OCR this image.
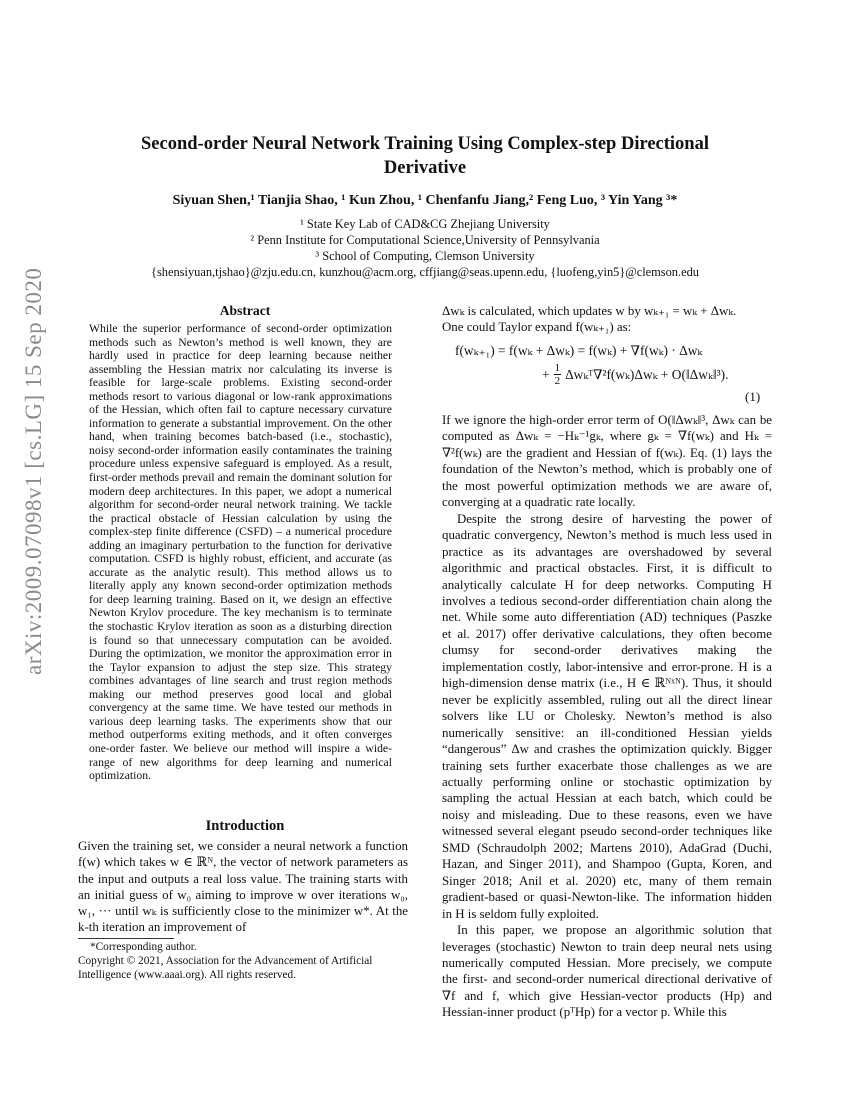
Second-order Neural Network Training Using Complex-step Directional Derivative
Siyuan Shen,¹ Tianjia Shao, ¹ Kun Zhou, ¹ Chenfanfu Jiang,² Feng Luo, ³ Yin Yang ³*
¹ State Key Lab of CAD&CG Zhejiang University
² Penn Institute for Computational Science,University of Pennsylvania
³ School of Computing, Clemson University
{shensiyuan,tjshao}@zju.edu.cn, kunzhou@acm.org, cffjiang@seas.upenn.edu, {luofeng,yin5}@clemson.edu
arXiv:2009.07098v1 [cs.LG] 15 Sep 2020	Abstract

While the superior performance of second-order optimization methods such as Newton’s method is well known, they are hardly used in practice for deep learning because neither assembling the Hessian matrix nor calculating its inverse is feasible for large-scale problems. Existing second-order methods resort to various diagonal or low-rank approximations of the Hessian, which often fail to capture necessary curvature information to generate a substantial improvement. On the other hand, when training becomes batch-based (i.e., stochastic), noisy second-order information easily contaminates the training procedure unless expensive safeguard is employed. As a result, first-order methods prevail and remain the dominant solution for modern deep architectures. In this paper, we adopt a numerical algorithm for second-order neural network training. We tackle the practical obstacle of Hessian calculation by using the complex-step finite difference (CSFD) – a numerical procedure adding an imaginary perturbation to the function for derivative computation. CSFD is highly robust, efficient, and accurate (as accurate as the analytic result). This method allows us to literally apply any known second-order optimization methods for deep learning training. Based on it, we design an effective Newton Krylov procedure. The key mechanism is to terminate the stochastic Krylov iteration as soon as a disturbing direction is found so that unnecessary computation can be avoided. During the optimization, we monitor the approximation error in the Taylor expansion to adjust the step size. This strategy combines advantages of line search and trust region methods making our method preserves good local and global convergency at the same time. We have tested our methods in various deep learning tasks. The experiments show that our method outperforms exiting methods, and it often converges one-order faster. We believe our method will inspire a wide-range of new algorithms for deep learning and numerical optimization.

Introduction

Given the training set, we consider a neural network a function f(w) which takes w ∈ ℝᴺ, the vector of network parameters as the input and outputs a real loss value. The training starts with an initial guess of w₀ aiming to improve w over iterations w₀, w₁, ··· until wₖ is sufficiently close to the minimizer w*. At the k-th iteration an improvement of

*Corresponding author.
Copyright © 2021, Association for the Advancement of Artificial Intelligence (www.aaai.org). All rights reserved.

Δwₖ is calculated, which updates w by wₖ₊₁ = wₖ + Δwₖ.

One could Taylor expand f(wₖ₊₁) as:

f(wₖ₊₁) = f(wₖ + Δwₖ) = f(wₖ) + ∇f(wₖ) · Δwₖ
+ $\frac{1}{2}$ Δwₖᵀ∇²f(wₖ)Δwₖ + O(‖Δwₖ‖³).
(1)

If we ignore the high-order error term of O(‖Δwₖ‖³, Δwₖ can be computed as Δwₖ = −Hₖ⁻¹gₖ, where gₖ = ∇f(wₖ) and Hₖ = ∇²f(wₖ) are the gradient and Hessian of f(wₖ). Eq. (1) lays the foundation of the Newton’s method, which is probably one of the most powerful optimization methods we are aware of, converging at a quadratic rate locally.

Despite the strong desire of harvesting the power of quadratic convergency, Newton’s method is much less used in practice as its advantages are overshadowed by several algorithmic and practical obstacles. First, it is difficult to analytically calculate H for deep networks. Computing H involves a tedious second-order differentiation chain along the net. While some auto differentiation (AD) techniques (Paszke et al. 2017) offer derivative calculations, they often become clumsy for second-order derivatives making the implementation costly, labor-intensive and error-prone. H is a high-dimension dense matrix (i.e., H ∈ ℝᴺˣᴺ). Thus, it should never be explicitly assembled, ruling out all the direct linear solvers like LU or Cholesky. Newton’s method is also numerically sensitive: an ill-conditioned Hessian yields “dangerous” Δw and crashes the optimization quickly. Bigger training sets further exacerbate those challenges as we are actually performing online or stochastic optimization by sampling the actual Hessian at each batch, which could be noisy and misleading. Due to these reasons, even we have witnessed several elegant pseudo second-order techniques like SMD (Schraudolph 2002; Martens 2010), AdaGrad (Duchi, Hazan, and Singer 2011), and Shampoo (Gupta, Koren, and Singer 2018; Anil et al. 2020) etc, many of them remain gradient-based or quasi-Newton-like. The information hidden in H is seldom fully exploited.

In this paper, we propose an algorithmic solution that leverages (stochastic) Newton to train deep neural nets using numerically computed Hessian. More precisely, we compute the first- and second-order numerical directional derivative of ∇f and f, which give Hessian-vector products (Hp) and Hessian-inner product (pᵀHp) for a vector p. While this
